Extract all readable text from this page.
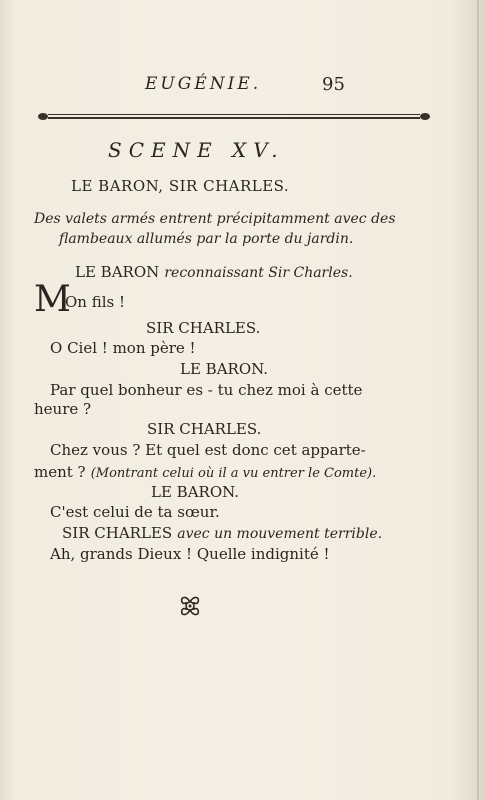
EUGÉNIE.	95
SCENE XV.
LE BARON, SIR CHARLES.
Des valets armés entrent précipitamment avec des
flambeaux allumés par la porte du jardin.
LE BARON reconnaissant Sir Charles.
M
On fils !
SIR CHARLES.
O Ciel ! mon père !
LE BARON.
Par quel bonheur es - tu chez moi à cette
heure ?
SIR CHARLES.
Chez vous ? Et quel est donc cet apparte-
ment ? (Montrant celui où il a vu entrer le Comte).
LE BARON.
C'est celui de ta sœur.
SIR CHARLES avec un mouvement terrible.
Ah, grands Dieux ! Quelle indignité !
